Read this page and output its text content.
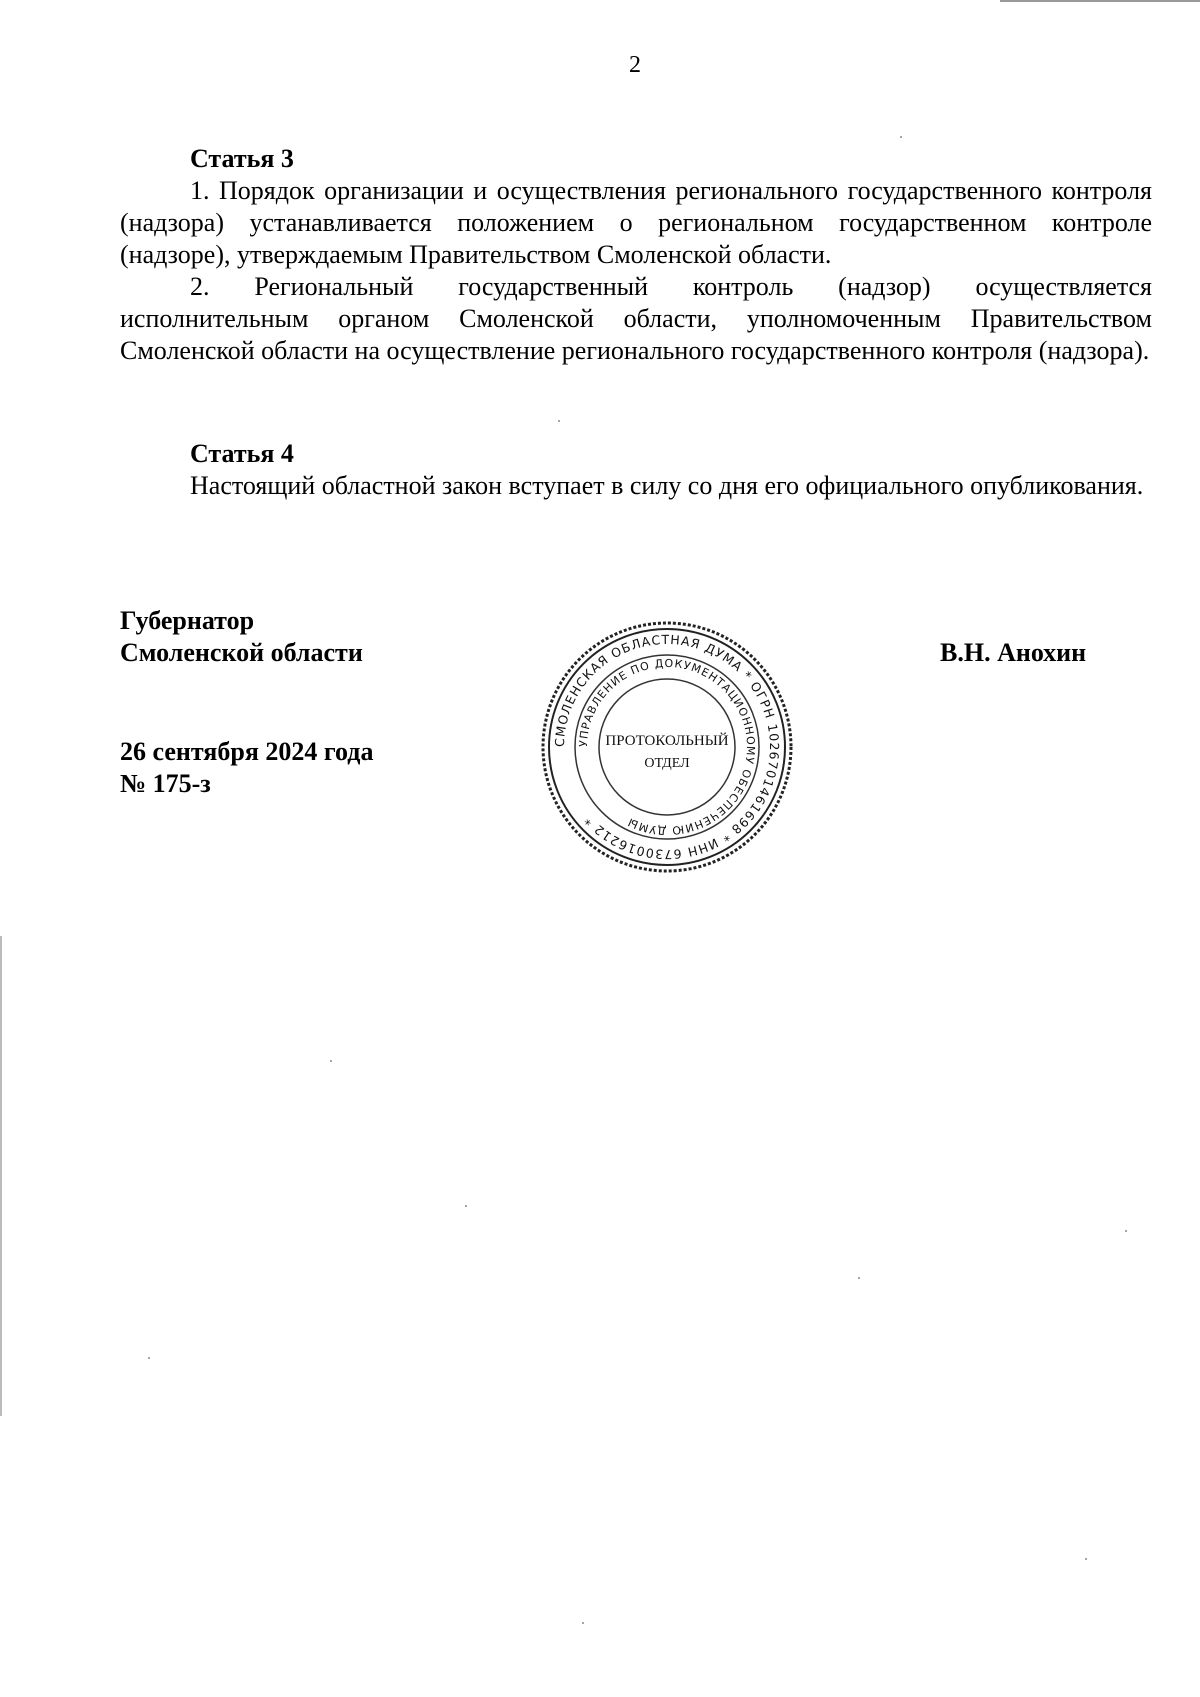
2
Статья 3

1. Порядок организации и осуществления регионального государственного контроля (надзора) устанавливается положением о региональном государственном контроле (надзоре), утверждаемым Правительством Смоленской области.

2. Региональный государственный контроль (надзор) осуществляется исполнительным органом Смоленской области, уполномоченным Правительством Смоленской области на осуществление регионального государственного контроля (надзора).

Статья 4

Настоящий областной закон вступает в силу со дня его официального опубликования.

Губернатор
Смоленской области	В.Н. Анохин
26 сентября 2024 года
№ 175-з
СМОЛЕНСКАЯ ОБЛАСТНАЯ ДУМА * ОГРН 1026701461698 * ИНН 6730016212 *
УПРАВЛЕНИЕ ПО ДОКУМЕНТАЦИОННОМУ ОБЕСПЕЧЕНИЮ ДУМЫ
ПРОТОКОЛЬНЫЙ
ОТДЕЛ
